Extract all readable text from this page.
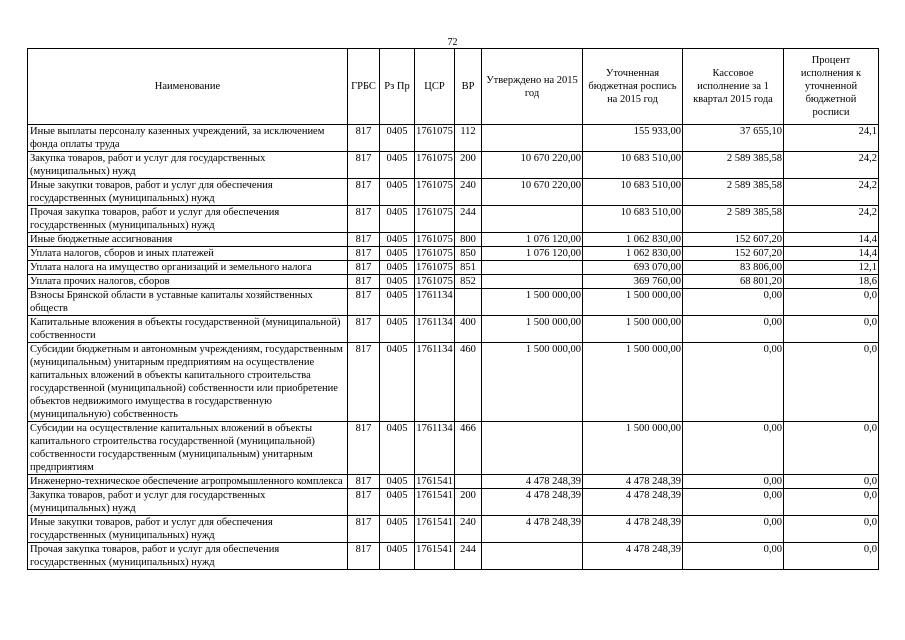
72
Наименование	ГРБС	Рз Пр	ЦСР	ВР	Утверждено на 2015 год	Уточненная бюджетная роспись на 2015 год	Кассовое исполнение за 1 квартал 2015 года	Процент исполнения к уточненной бюджетной росписи
Иные выплаты персоналу казенных учреждений, за исключением фонда оплаты труда	817	0405	1761075	112		155 933,00	37 655,10	24,1
Закупка товаров, работ и услуг для государственных (муниципальных) нужд	817	0405	1761075	200	10 670 220,00	10 683 510,00	2 589 385,58	24,2
Иные закупки товаров, работ и услуг для обеспечения государственных (муниципальных) нужд	817	0405	1761075	240	10 670 220,00	10 683 510,00	2 589 385,58	24,2
Прочая закупка товаров, работ и услуг для обеспечения государственных (муниципальных) нужд	817	0405	1761075	244		10 683 510,00	2 589 385,58	24,2
Иные бюджетные ассигнования	817	0405	1761075	800	1 076 120,00	1 062 830,00	152 607,20	14,4
Уплата налогов, сборов и иных платежей	817	0405	1761075	850	1 076 120,00	1 062 830,00	152 607,20	14,4
Уплата налога на имущество организаций и земельного налога	817	0405	1761075	851		693 070,00	83 806,00	12,1
Уплата прочих налогов, сборов	817	0405	1761075	852		369 760,00	68 801,20	18,6
Взносы Брянской области в уставные капиталы хозяйственных обществ	817	0405	1761134		1 500 000,00	1 500 000,00	0,00	0,0
Капитальные вложения в объекты государственной (муниципальной) собственности	817	0405	1761134	400	1 500 000,00	1 500 000,00	0,00	0,0
Субсидии бюджетным и автономным учреждениям, государственным (муниципальным) унитарным предприятиям на осуществление капитальных вложений в объекты капитального строительства государственной (муниципальной) собственности или приобретение объектов недвижимого имущества в государственную (муниципальную) собственность	817	0405	1761134	460	1 500 000,00	1 500 000,00	0,00	0,0
Субсидии на осуществление капитальных вложений в объекты капитального строительства государственной (муниципальной) собственности государственным (муниципальным) унитарным предприятиям	817	0405	1761134	466		1 500 000,00	0,00	0,0
Инженерно-техническое обеспечение агропромышленного комплекса	817	0405	1761541		4 478 248,39	4 478 248,39	0,00	0,0
Закупка товаров, работ и услуг для государственных (муниципальных) нужд	817	0405	1761541	200	4 478 248,39	4 478 248,39	0,00	0,0
Иные закупки товаров, работ и услуг для обеспечения государственных (муниципальных) нужд	817	0405	1761541	240	4 478 248,39	4 478 248,39	0,00	0,0
Прочая закупка товаров, работ и услуг для обеспечения государственных (муниципальных) нужд	817	0405	1761541	244		4 478 248,39	0,00	0,0
